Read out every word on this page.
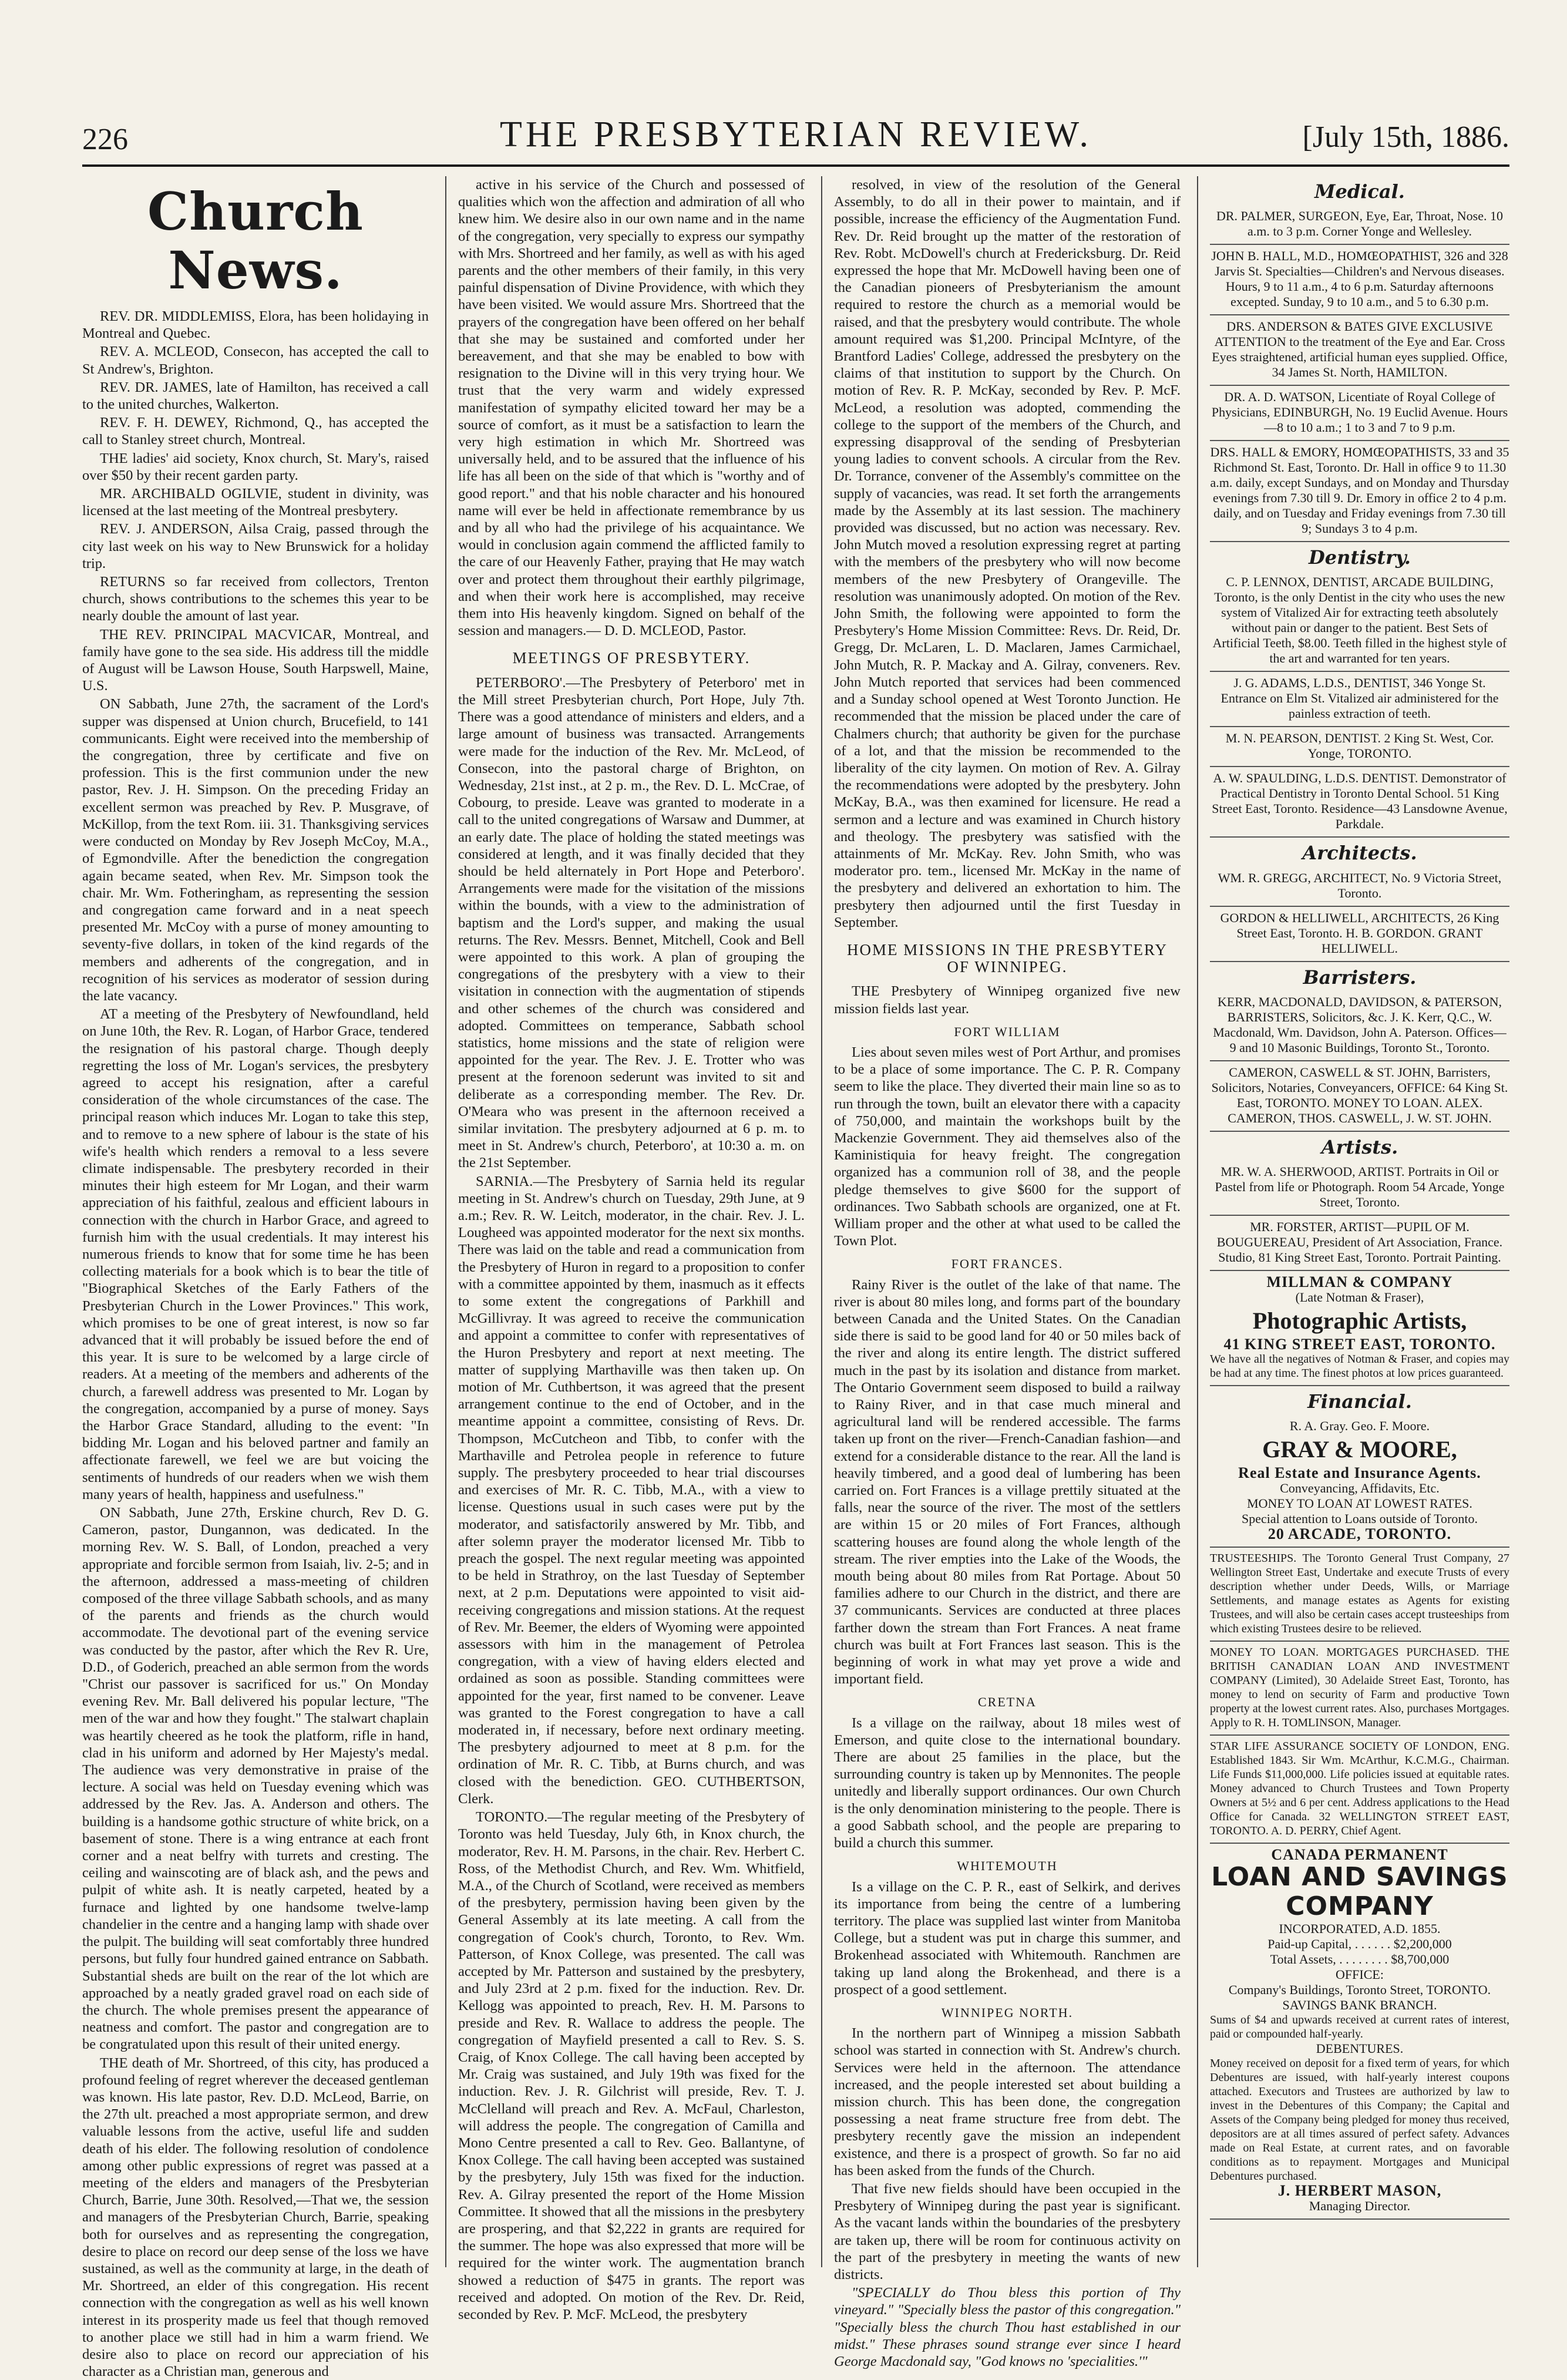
226	THE PRESBYTERIAN REVIEW.	[July 15th, 1886.
Church News.

REV. DR. MIDDLEMISS, Elora, has been holidaying in Montreal and Quebec.

REV. A. MCLEOD, Consecon, has accepted the call to St Andrew's, Brighton.

REV. DR. JAMES, late of Hamilton, has received a call to the united churches, Walkerton.

REV. F. H. DEWEY, Richmond, Q., has accepted the call to Stanley street church, Montreal.

THE ladies' aid society, Knox church, St. Mary's, raised over $50 by their recent garden party.

MR. ARCHIBALD OGILVIE, student in divinity, was licensed at the last meeting of the Montreal presbytery.

REV. J. ANDERSON, Ailsa Craig, passed through the city last week on his way to New Brunswick for a holiday trip.

RETURNS so far received from collectors, Trenton church, shows contributions to the schemes this year to be nearly double the amount of last year.

THE REV. PRINCIPAL MACVICAR, Montreal, and family have gone to the sea side. His address till the middle of August will be Lawson House, South Harpswell, Maine, U.S.

ON Sabbath, June 27th, the sacrament of the Lord's supper was dispensed at Union church, Brucefield, to 141 communicants. Eight were received into the membership of the congregation, three by certificate and five on profession. This is the first communion under the new pastor, Rev. J. H. Simpson. On the preceding Friday an excellent sermon was preached by Rev. P. Musgrave, of McKillop, from the text Rom. iii. 31. Thanksgiving services were conducted on Monday by Rev Joseph McCoy, M.A., of Egmondville. After the benediction the congregation again became seated, when Rev. Mr. Simpson took the chair. Mr. Wm. Fotheringham, as representing the session and congregation came forward and in a neat speech presented Mr. McCoy with a purse of money amounting to seventy-five dollars, in token of the kind regards of the members and adherents of the congregation, and in recognition of his services as moderator of session during the late vacancy.

AT a meeting of the Presbytery of Newfoundland, held on June 10th, the Rev. R. Logan, of Harbor Grace, tendered the resignation of his pastoral charge. Though deeply regretting the loss of Mr. Logan's services, the presbytery agreed to accept his resignation, after a careful consideration of the whole circumstances of the case. The principal reason which induces Mr. Logan to take this step, and to remove to a new sphere of labour is the state of his wife's health which renders a removal to a less severe climate indispensable. The presbytery recorded in their minutes their high esteem for Mr Logan, and their warm appreciation of his faithful, zealous and efficient labours in connection with the church in Harbor Grace, and agreed to furnish him with the usual credentials. It may interest his numerous friends to know that for some time he has been collecting materials for a book which is to bear the title of "Biographical Sketches of the Early Fathers of the Presbyterian Church in the Lower Provinces." This work, which promises to be one of great interest, is now so far advanced that it will probably be issued before the end of this year. It is sure to be welcomed by a large circle of readers. At a meeting of the members and adherents of the church, a farewell address was presented to Mr. Logan by the congregation, accompanied by a purse of money. Says the Harbor Grace Standard, alluding to the event: "In bidding Mr. Logan and his beloved partner and family an affectionate farewell, we feel we are but voicing the sentiments of hundreds of our readers when we wish them many years of health, happiness and usefulness."

ON Sabbath, June 27th, Erskine church, Rev D. G. Cameron, pastor, Dungannon, was dedicated. In the morning Rev. W. S. Ball, of London, preached a very appropriate and forcible sermon from Isaiah, liv. 2-5; and in the afternoon, addressed a mass-meeting of children composed of the three village Sabbath schools, and as many of the parents and friends as the church would accommodate. The devotional part of the evening service was conducted by the pastor, after which the Rev R. Ure, D.D., of Goderich, preached an able sermon from the words "Christ our passover is sacrificed for us." On Monday evening Rev. Mr. Ball delivered his popular lecture, "The men of the war and how they fought." The stalwart chaplain was heartily cheered as he took the platform, rifle in hand, clad in his uniform and adorned by Her Majesty's medal. The audience was very demonstrative in praise of the lecture. A social was held on Tuesday evening which was addressed by the Rev. Jas. A. Anderson and others. The building is a handsome gothic structure of white brick, on a basement of stone. There is a wing entrance at each front corner and a neat belfry with turrets and cresting. The ceiling and wainscoting are of black ash, and the pews and pulpit of white ash. It is neatly carpeted, heated by a furnace and lighted by one handsome twelve-lamp chandelier in the centre and a hanging lamp with shade over the pulpit. The building will seat comfortably three hundred persons, but fully four hundred gained entrance on Sabbath. Substantial sheds are built on the rear of the lot which are approached by a neatly graded gravel road on each side of the church. The whole premises present the appearance of neatness and comfort. The pastor and congregation are to be congratulated upon this result of their united energy.

THE death of Mr. Shortreed, of this city, has produced a profound feeling of regret wherever the deceased gentleman was known. His late pastor, Rev. D.D. McLeod, Barrie, on the 27th ult. preached a most appropriate sermon, and drew valuable lessons from the active, useful life and sudden death of his elder. The following resolution of condolence among other public expressions of regret was passed at a meeting of the elders and managers of the Presbyterian Church, Barrie, June 30th. Resolved,—That we, the session and managers of the Presbyterian Church, Barrie, speaking both for ourselves and as representing the congregation, desire to place on record our deep sense of the loss we have sustained, as well as the community at large, in the death of Mr. Shortreed, an elder of this congregation. His recent connection with the congregation as well as his well known interest in its prosperity made us feel that though removed to another place we still had in him a warm friend. We desire also to place on record our appreciation of his character as a Christian man, generous and

active in his service of the Church and possessed of qualities which won the affection and admiration of all who knew him. We desire also in our own name and in the name of the congregation, very specially to express our sympathy with Mrs. Shortreed and her family, as well as with his aged parents and the other members of their family, in this very painful dispensation of Divine Providence, with which they have been visited. We would assure Mrs. Shortreed that the prayers of the congregation have been offered on her behalf that she may be sustained and comforted under her bereavement, and that she may be enabled to bow with resignation to the Divine will in this very trying hour. We trust that the very warm and widely expressed manifestation of sympathy elicited toward her may be a source of comfort, as it must be a satisfaction to learn the very high estimation in which Mr. Shortreed was universally held, and to be assured that the influence of his life has all been on the side of that which is "worthy and of good report." and that his noble character and his honoured name will ever be held in affectionate remembrance by us and by all who had the privilege of his acquaintance. We would in conclusion again commend the afflicted family to the care of our Heavenly Father, praying that He may watch over and protect them throughout their earthly pilgrimage, and when their work here is accomplished, may receive them into His heavenly kingdom. Signed on behalf of the session and managers.— D. D. MCLEOD, Pastor.

MEETINGS OF PRESBYTERY.

PETERBORO'.—The Presbytery of Peterboro' met in the Mill street Presbyterian church, Port Hope, July 7th. There was a good attendance of ministers and elders, and a large amount of business was transacted. Arrangements were made for the induction of the Rev. Mr. McLeod, of Consecon, into the pastoral charge of Brighton, on Wednesday, 21st inst., at 2 p. m., the Rev. D. L. McCrae, of Cobourg, to preside. Leave was granted to moderate in a call to the united congregations of Warsaw and Dummer, at an early date. The place of holding the stated meetings was considered at length, and it was finally decided that they should be held alternately in Port Hope and Peterboro'. Arrangements were made for the visitation of the missions within the bounds, with a view to the administration of baptism and the Lord's supper, and making the usual returns. The Rev. Messrs. Bennet, Mitchell, Cook and Bell were appointed to this work. A plan of grouping the congregations of the presbytery with a view to their visitation in connection with the augmentation of stipends and other schemes of the church was considered and adopted. Committees on temperance, Sabbath school statistics, home missions and the state of religion were appointed for the year. The Rev. J. E. Trotter who was present at the forenoon sederunt was invited to sit and deliberate as a corresponding member. The Rev. Dr. O'Meara who was present in the afternoon received a similar invitation. The presbytery adjourned at 6 p. m. to meet in St. Andrew's church, Peterboro', at 10:30 a. m. on the 21st September.

SARNIA.—The Presbytery of Sarnia held its regular meeting in St. Andrew's church on Tuesday, 29th June, at 9 a.m.; Rev. R. W. Leitch, moderator, in the chair. Rev. J. L. Lougheed was appointed moderator for the next six months. There was laid on the table and read a communication from the Presbytery of Huron in regard to a proposition to confer with a committee appointed by them, inasmuch as it effects to some extent the congregations of Parkhill and McGillivray. It was agreed to receive the communication and appoint a committee to confer with representatives of the Huron Presbytery and report at next meeting. The matter of supplying Marthaville was then taken up. On motion of Mr. Cuthbertson, it was agreed that the present arrangement continue to the end of October, and in the meantime appoint a committee, consisting of Revs. Dr. Thompson, McCutcheon and Tibb, to confer with the Marthaville and Petrolea people in reference to future supply. The presbytery proceeded to hear trial discourses and exercises of Mr. R. C. Tibb, M.A., with a view to license. Questions usual in such cases were put by the moderator, and satisfactorily answered by Mr. Tibb, and after solemn prayer the moderator licensed Mr. Tibb to preach the gospel. The next regular meeting was appointed to be held in Strathroy, on the last Tuesday of September next, at 2 p.m. Deputations were appointed to visit aid-receiving congregations and mission stations. At the request of Rev. Mr. Beemer, the elders of Wyoming were appointed assessors with him in the management of Petrolea congregation, with a view of having elders elected and ordained as soon as possible. Standing committees were appointed for the year, first named to be convener. Leave was granted to the Forest congregation to have a call moderated in, if necessary, before next ordinary meeting. The presbytery adjourned to meet at 8 p.m. for the ordination of Mr. R. C. Tibb, at Burns church, and was closed with the benediction. GEO. CUTHBERTSON, Clerk.

TORONTO.—The regular meeting of the Presbytery of Toronto was held Tuesday, July 6th, in Knox church, the moderator, Rev. H. M. Parsons, in the chair. Rev. Herbert C. Ross, of the Methodist Church, and Rev. Wm. Whitfield, M.A., of the Church of Scotland, were received as members of the presbytery, permission having been given by the General Assembly at its late meeting. A call from the congregation of Cook's church, Toronto, to Rev. Wm. Patterson, of Knox College, was presented. The call was accepted by Mr. Patterson and sustained by the presbytery, and July 23rd at 2 p.m. fixed for the induction. Rev. Dr. Kellogg was appointed to preach, Rev. H. M. Parsons to preside and Rev. R. Wallace to address the people. The congregation of Mayfield presented a call to Rev. S. S. Craig, of Knox College. The call having been accepted by Mr. Craig was sustained, and July 19th was fixed for the induction. Rev. J. R. Gilchrist will preside, Rev. T. J. McClelland will preach and Rev. A. McFaul, Charleston, will address the people. The congregation of Camilla and Mono Centre presented a call to Rev. Geo. Ballantyne, of Knox College. The call having been accepted was sustained by the presbytery, July 15th was fixed for the induction. Rev. A. Gilray presented the report of the Home Mission Committee. It showed that all the missions in the presbytery are prospering, and that $2,222 in grants are required for the summer. The hope was also expressed that more will be required for the winter work. The augmentation branch showed a reduction of $475 in grants. The report was received and adopted. On motion of the Rev. Dr. Reid, seconded by Rev. P. McF. McLeod, the presbytery

resolved, in view of the resolution of the General Assembly, to do all in their power to maintain, and if possible, increase the efficiency of the Augmentation Fund. Rev. Dr. Reid brought up the matter of the restoration of Rev. Robt. McDowell's church at Fredericksburg. Dr. Reid expressed the hope that Mr. McDowell having been one of the Canadian pioneers of Presbyterianism the amount required to restore the church as a memorial would be raised, and that the presbytery would contribute. The whole amount required was $1,200. Principal McIntyre, of the Brantford Ladies' College, addressed the presbytery on the claims of that institution to support by the Church. On motion of Rev. R. P. McKay, seconded by Rev. P. McF. McLeod, a resolution was adopted, commending the college to the support of the members of the Church, and expressing disapproval of the sending of Presbyterian young ladies to convent schools. A circular from the Rev. Dr. Torrance, convener of the Assembly's committee on the supply of vacancies, was read. It set forth the arrangements made by the Assembly at its last session. The machinery provided was discussed, but no action was necessary. Rev. John Mutch moved a resolution expressing regret at parting with the members of the presbytery who will now become members of the new Presbytery of Orangeville. The resolution was unanimously adopted. On motion of the Rev. John Smith, the following were appointed to form the Presbytery's Home Mission Committee: Revs. Dr. Reid, Dr. Gregg, Dr. McLaren, L. D. Maclaren, James Carmichael, John Mutch, R. P. Mackay and A. Gilray, conveners. Rev. John Mutch reported that services had been commenced and a Sunday school opened at West Toronto Junction. He recommended that the mission be placed under the care of Chalmers church; that authority be given for the purchase of a lot, and that the mission be recommended to the liberality of the city laymen. On motion of Rev. A. Gilray the recommendations were adopted by the presbytery. John McKay, B.A., was then examined for licensure. He read a sermon and a lecture and was examined in Church history and theology. The presbytery was satisfied with the attainments of Mr. McKay. Rev. John Smith, who was moderator pro. tem., licensed Mr. McKay in the name of the presbytery and delivered an exhortation to him. The presbytery then adjourned until the first Tuesday in September.

HOME MISSIONS IN THE PRESBYTERY OF WINNIPEG.

THE Presbytery of Winnipeg organized five new mission fields last year.

FORT WILLIAM

Lies about seven miles west of Port Arthur, and promises to be a place of some importance. The C. P. R. Company seem to like the place. They diverted their main line so as to run through the town, built an elevator there with a capacity of 750,000, and maintain the workshops built by the Mackenzie Government. They aid themselves also of the Kaministiquia for heavy freight. The congregation organized has a communion roll of 38, and the people pledge themselves to give $600 for the support of ordinances. Two Sabbath schools are organized, one at Ft. William proper and the other at what used to be called the Town Plot.

FORT FRANCES.

Rainy River is the outlet of the lake of that name. The river is about 80 miles long, and forms part of the boundary between Canada and the United States. On the Canadian side there is said to be good land for 40 or 50 miles back of the river and along its entire length. The district suffered much in the past by its isolation and distance from market. The Ontario Government seem disposed to build a railway to Rainy River, and in that case much mineral and agricultural land will be rendered accessible. The farms taken up front on the river—French-Canadian fashion—and extend for a considerable distance to the rear. All the land is heavily timbered, and a good deal of lumbering has been carried on. Fort Frances is a village prettily situated at the falls, near the source of the river. The most of the settlers are within 15 or 20 miles of Fort Frances, although scattering houses are found along the whole length of the stream. The river empties into the Lake of the Woods, the mouth being about 80 miles from Rat Portage. About 50 families adhere to our Church in the district, and there are 37 communicants. Services are conducted at three places farther down the stream than Fort Frances. A neat frame church was built at Fort Frances last season. This is the beginning of work in what may yet prove a wide and important field.

CRETNA

Is a village on the railway, about 18 miles west of Emerson, and quite close to the international boundary. There are about 25 families in the place, but the surrounding country is taken up by Mennonites. The people unitedly and liberally support ordinances. Our own Church is the only denomination ministering to the people. There is a good Sabbath school, and the people are preparing to build a church this summer.

WHITEMOUTH

Is a village on the C. P. R., east of Selkirk, and derives its importance from being the centre of a lumbering territory. The place was supplied last winter from Manitoba College, but a student was put in charge this summer, and Brokenhead associated with Whitemouth. Ranchmen are taking up land along the Brokenhead, and there is a prospect of a good settlement.

WINNIPEG NORTH.

In the northern part of Winnipeg a mission Sabbath school was started in connection with St. Andrew's church. Services were held in the afternoon. The attendance increased, and the people interested set about building a mission church. This has been done, the congregation possessing a neat frame structure free from debt. The presbytery recently gave the mission an independent existence, and there is a prospect of growth. So far no aid has been asked from the funds of the Church.

That five new fields should have been occupied in the Presbytery of Winnipeg during the past year is significant. As the vacant lands within the boundaries of the presbytery are taken up, there will be room for continuous activity on the part of the presbytery in meeting the wants of new districts.

"SPECIALLY do Thou bless this portion of Thy vineyard." "Specially bless the pastor of this congregation." "Specially bless the church Thou hast established in our midst." These phrases sound strange ever since I heard George Macdonald say, "God knows no 'specialities.'"

Medical.
DR. PALMER, SURGEON, Eye, Ear, Throat, Nose. 10 a.m. to 3 p.m. Corner Yonge and Wellesley.
JOHN B. HALL, M.D., HOMŒOPATHIST, 326 and 328 Jarvis St. Specialties—Children's and Nervous diseases. Hours, 9 to 11 a.m., 4 to 6 p.m. Saturday afternoons excepted. Sunday, 9 to 10 a.m., and 5 to 6.30 p.m.
DRS. ANDERSON & BATES GIVE EXCLUSIVE ATTENTION to the treatment of the Eye and Ear. Cross Eyes straightened, artificial human eyes supplied. Office, 34 James St. North, HAMILTON.
DR. A. D. WATSON, Licentiate of Royal College of Physicians, EDINBURGH, No. 19 Euclid Avenue. Hours—8 to 10 a.m.; 1 to 3 and 7 to 9 p.m.
DRS. HALL & EMORY, HOMŒOPATHISTS, 33 and 35 Richmond St. East, Toronto. Dr. Hall in office 9 to 11.30 a.m. daily, except Sundays, and on Monday and Thursday evenings from 7.30 till 9. Dr. Emory in office 2 to 4 p.m. daily, and on Tuesday and Friday evenings from 7.30 till 9; Sundays 3 to 4 p.m.
Dentistry.
C. P. LENNOX, DENTIST, ARCADE BUILDING, Toronto, is the only Dentist in the city who uses the new system of Vitalized Air for extracting teeth absolutely without pain or danger to the patient. Best Sets of Artificial Teeth, $8.00. Teeth filled in the highest style of the art and warranted for ten years.
J. G. ADAMS, L.D.S., DENTIST, 346 Yonge St. Entrance on Elm St. Vitalized air administered for the painless extraction of teeth.
M. N. PEARSON, DENTIST. 2 King St. West, Cor. Yonge, TORONTO.
A. W. SPAULDING, L.D.S. DENTIST. Demonstrator of Practical Dentistry in Toronto Dental School. 51 King Street East, Toronto. Residence—43 Lansdowne Avenue, Parkdale.
Architects.
WM. R. GREGG, ARCHITECT, No. 9 Victoria Street, Toronto.
GORDON & HELLIWELL, ARCHITECTS, 26 King Street East, Toronto. H. B. GORDON. GRANT HELLIWELL.
Barristers.
KERR, MACDONALD, DAVIDSON, & PATERSON, BARRISTERS, Solicitors, &c. J. K. Kerr, Q.C., W. Macdonald, Wm. Davidson, John A. Paterson. Offices—9 and 10 Masonic Buildings, Toronto St., Toronto.
CAMERON, CASWELL & ST. JOHN, Barristers, Solicitors, Notaries, Conveyancers, OFFICE: 64 King St. East, TORONTO. MONEY TO LOAN. ALEX. CAMERON, THOS. CASWELL, J. W. ST. JOHN.
Artists.
MR. W. A. SHERWOOD, ARTIST. Portraits in Oil or Pastel from life or Photograph. Room 54 Arcade, Yonge Street, Toronto.
MR. FORSTER, ARTIST—PUPIL OF M. BOUGUEREAU, President of Art Association, France. Studio, 81 King Street East, Toronto. Portrait Painting.
MILLMAN & COMPANY
(Late Notman & Fraser),
Photographic Artists,
41 KING STREET EAST, TORONTO.
We have all the negatives of Notman & Fraser, and copies may be had at any time. The finest photos at low prices guaranteed.
Financial.
R. A. Gray. Geo. F. Moore.
GRAY & MOORE,
Real Estate and Insurance Agents.
Conveyancing, Affidavits, Etc.
MONEY TO LOAN AT LOWEST RATES.
Special attention to Loans outside of Toronto.
20 ARCADE, TORONTO.
TRUSTEESHIPS. The Toronto General Trust Company, 27 Wellington Street East, Undertake and execute Trusts of every description whether under Deeds, Wills, or Marriage Settlements, and manage estates as Agents for existing Trustees, and will also be certain cases accept trusteeships from which existing Trustees desire to be relieved.
MONEY TO LOAN. MORTGAGES PURCHASED. THE BRITISH CANADIAN LOAN AND INVESTMENT COMPANY (Limited), 30 Adelaide Street East, Toronto, has money to lend on security of Farm and productive Town property at the lowest current rates. Also, purchases Mortgages. Apply to R. H. TOMLINSON, Manager.
STAR LIFE ASSURANCE SOCIETY OF LONDON, ENG. Established 1843. Sir Wm. McArthur, K.C.M.G., Chairman. Life Funds $11,000,000. Life policies issued at equitable rates. Money advanced to Church Trustees and Town Property Owners at 5½ and 6 per cent. Address applications to the Head Office for Canada. 32 WELLINGTON STREET EAST, TORONTO. A. D. PERRY, Chief Agent.
CANADA PERMANENT
LOAN AND SAVINGS COMPANY
INCORPORATED, A.D. 1855.
Paid-up Capital, . . . . . . $2,200,000
Total Assets, . . . . . . . . $8,700,000
OFFICE:
Company's Buildings, Toronto Street, TORONTO.
SAVINGS BANK BRANCH.
Sums of $4 and upwards received at current rates of interest, paid or compounded half-yearly.
DEBENTURES.
Money received on deposit for a fixed term of years, for which Debentures are issued, with half-yearly interest coupons attached. Executors and Trustees are authorized by law to invest in the Debentures of this Company; the Capital and Assets of the Company being pledged for money thus received, depositors are at all times assured of perfect safety. Advances made on Real Estate, at current rates, and on favorable conditions as to repayment. Mortgages and Municipal Debentures purchased.
J. HERBERT MASON,
Managing Director.
